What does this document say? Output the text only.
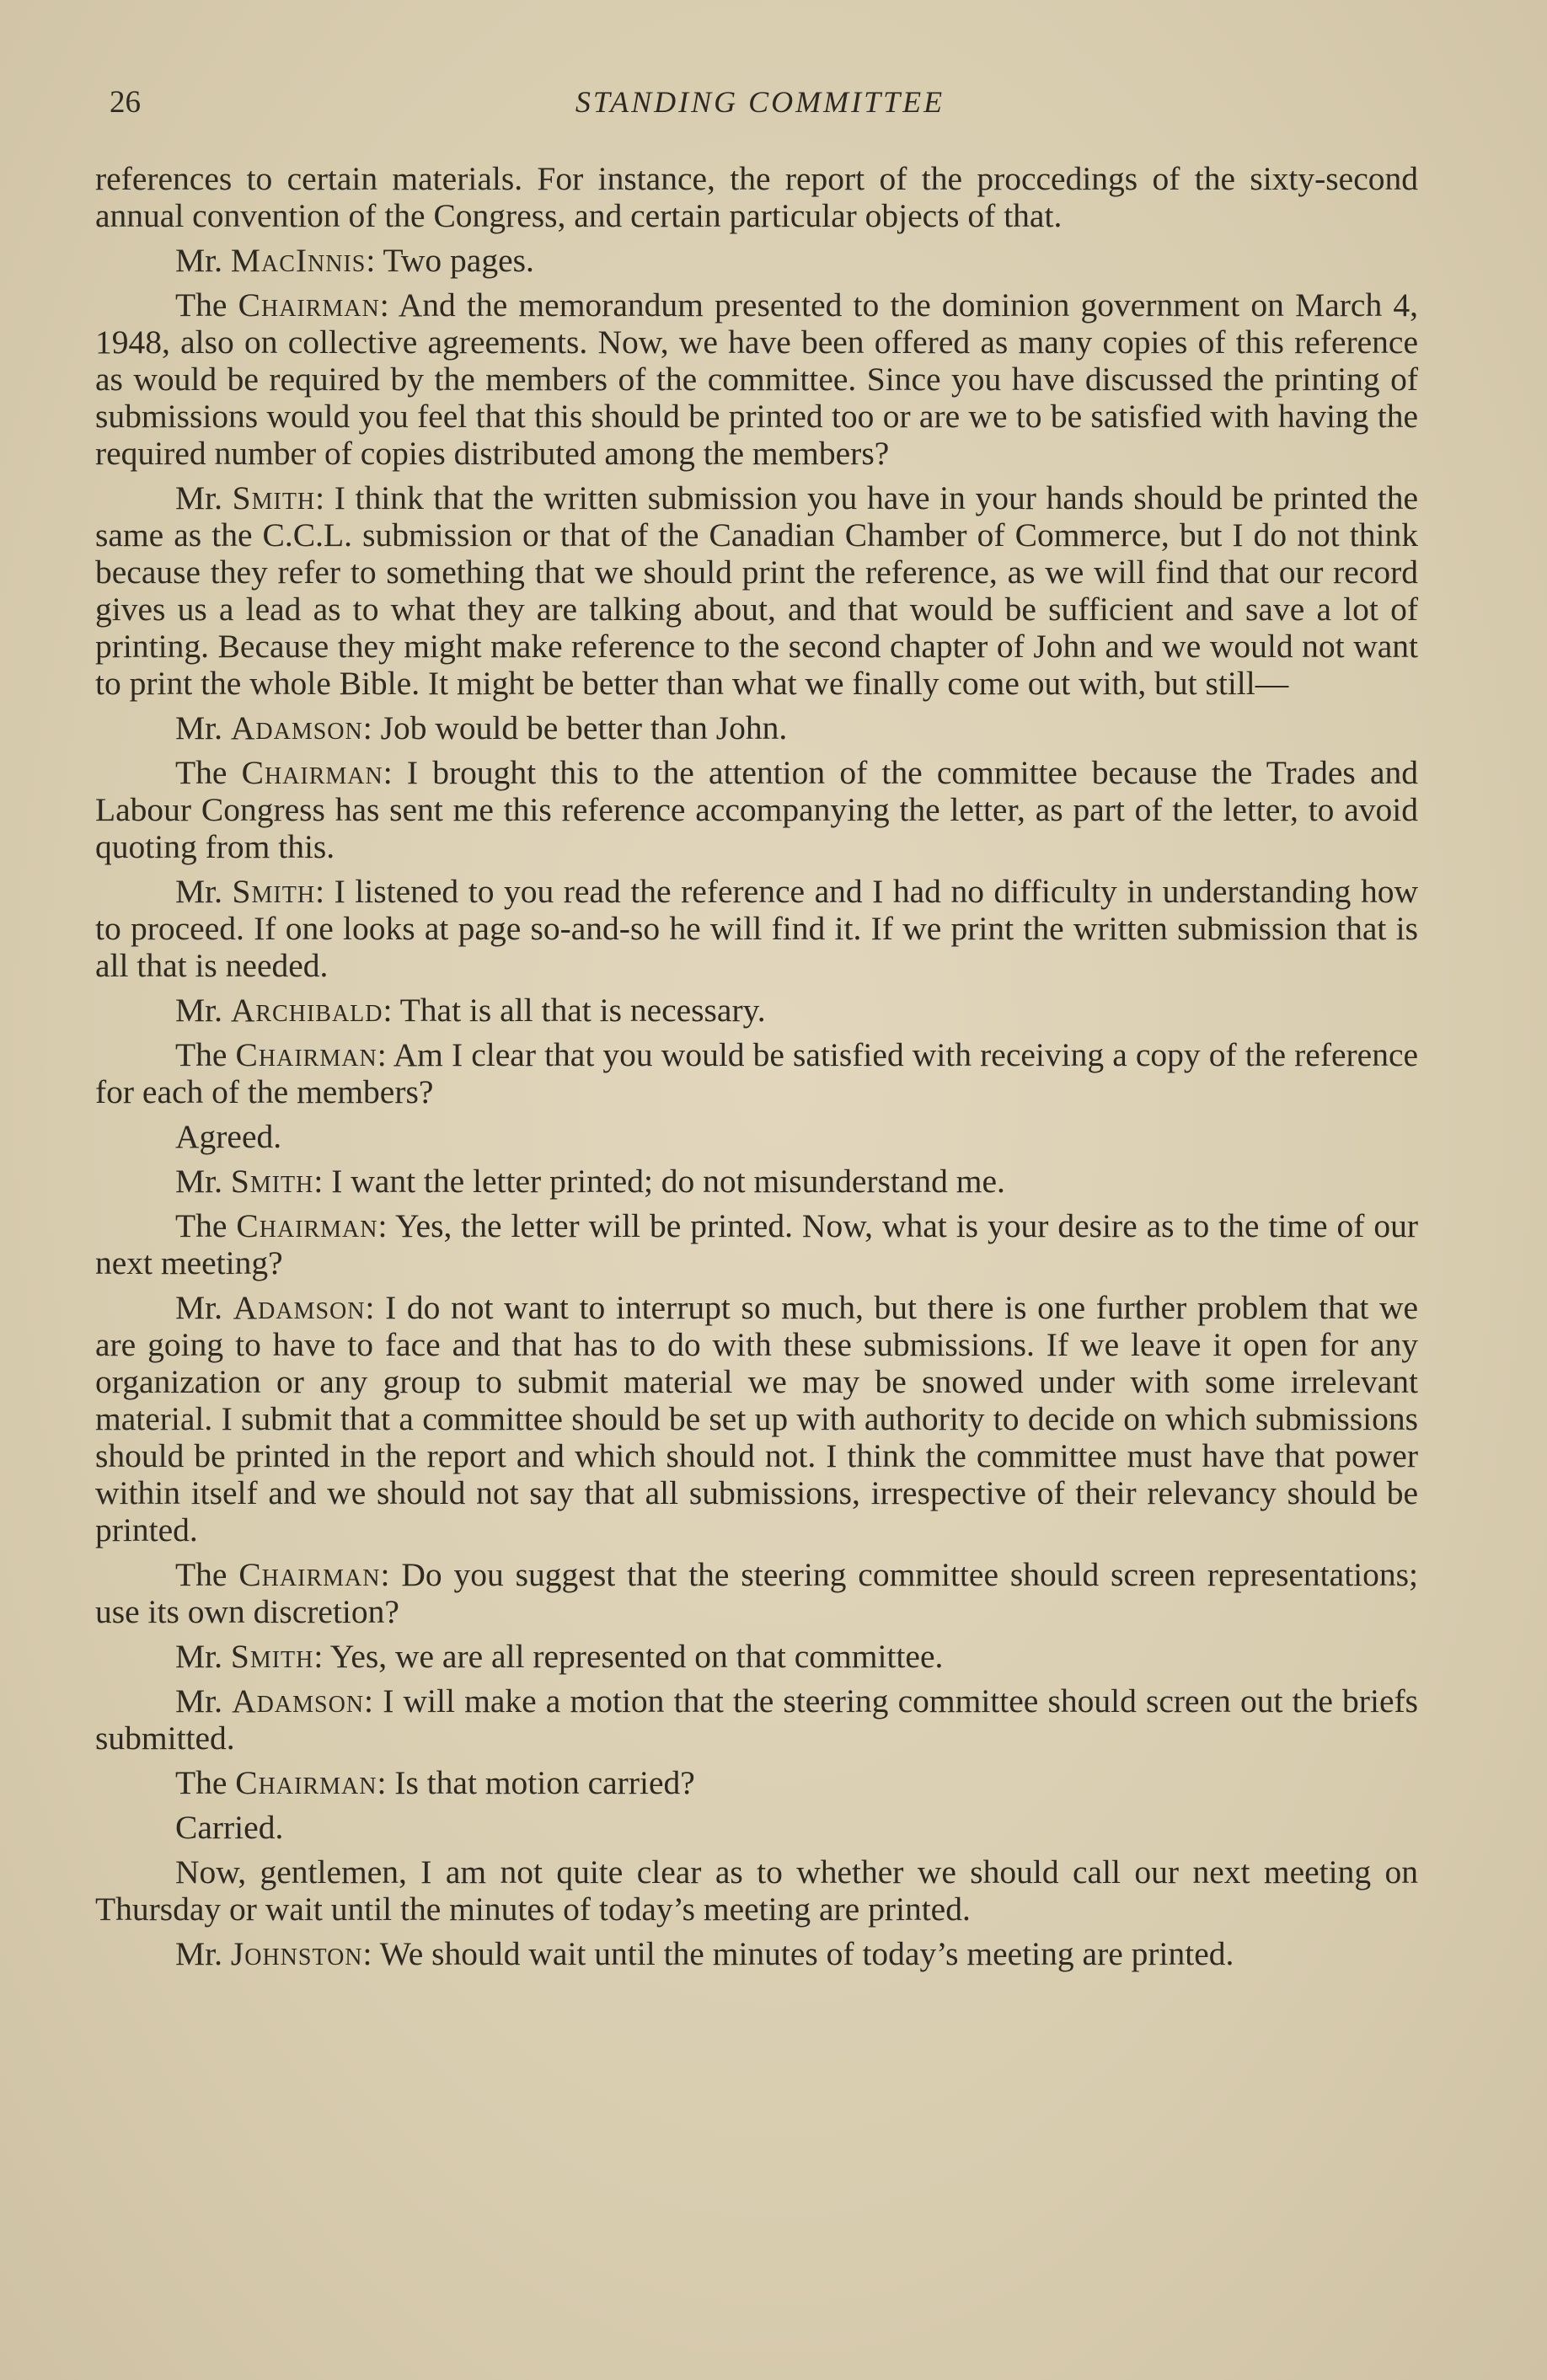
26	STANDING COMMITTEE

references to certain materials. For instance, the report of the proccedings of the sixty-second annual convention of the Congress, and certain particular objects of that.

Mr. MacInnis: Two pages.

The Chairman: And the memorandum presented to the dominion government on March 4, 1948, also on collective agreements. Now, we have been offered as many copies of this reference as would be required by the members of the committee. Since you have discussed the printing of submissions would you feel that this should be printed too or are we to be satisfied with having the required number of copies distributed among the members?

Mr. Smith: I think that the written submission you have in your hands should be printed the same as the C.C.L. submission or that of the Canadian Chamber of Commerce, but I do not think because they refer to something that we should print the reference, as we will find that our record gives us a lead as to what they are talking about, and that would be sufficient and save a lot of printing. Because they might make reference to the second chapter of John and we would not want to print the whole Bible. It might be better than what we finally come out with, but still—

Mr. Adamson: Job would be better than John.

The Chairman: I brought this to the attention of the committee because the Trades and Labour Congress has sent me this reference accompanying the letter, as part of the letter, to avoid quoting from this.

Mr. Smith: I listened to you read the reference and I had no difficulty in understanding how to proceed. If one looks at page so-and-so he will find it. If we print the written submission that is all that is needed.

Mr. Archibald: That is all that is necessary.

The Chairman: Am I clear that you would be satisfied with receiving a copy of the reference for each of the members?

Agreed.

Mr. Smith: I want the letter printed; do not misunderstand me.

The Chairman: Yes, the letter will be printed. Now, what is your desire as to the time of our next meeting?

Mr. Adamson: I do not want to interrupt so much, but there is one further problem that we are going to have to face and that has to do with these submissions. If we leave it open for any organization or any group to submit material we may be snowed under with some irrelevant material. I submit that a committee should be set up with authority to decide on which submissions should be printed in the report and which should not. I think the committee must have that power within itself and we should not say that all submissions, irrespective of their relevancy should be printed.

The Chairman: Do you suggest that the steering committee should screen representations; use its own discretion?

Mr. Smith: Yes, we are all represented on that committee.

Mr. Adamson: I will make a motion that the steering committee should screen out the briefs submitted.

The Chairman: Is that motion carried?

Carried.

Now, gentlemen, I am not quite clear as to whether we should call our next meeting on Thursday or wait until the minutes of today’s meeting are printed.

Mr. Johnston: We should wait until the minutes of today’s meeting are printed.
